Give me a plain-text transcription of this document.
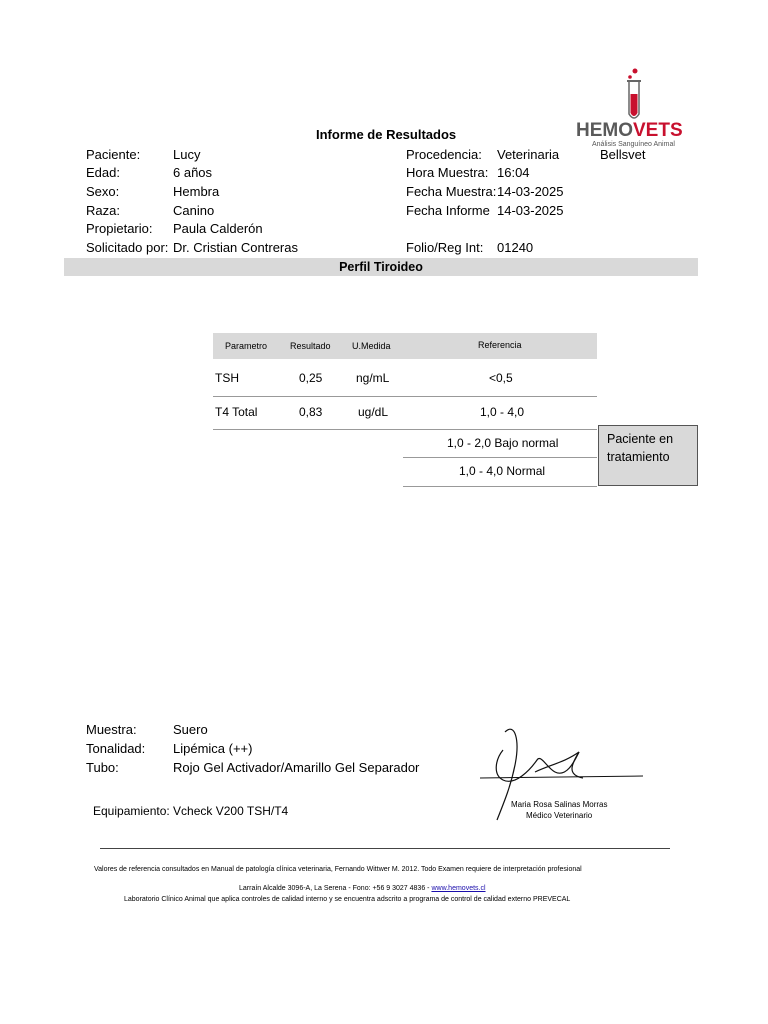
Informe de Resultados	HEMOVETS
Análisis Sanguíneo Animal
Bellsvet
Paciente:	Lucy
Edad:	6 años
Sexo:	Hembra
Raza:	Canino
Propietario: Paula Calderón
Solicitado por: Dr. Cristian Contreras
Procedencia: Veterinaria
Hora Muestra: 16:04
Fecha Muestra: 14-03-2025
Fecha Informe 14-03-2025
Folio/Reg Int: 01240
Perfil Tiroideo
Parametro	Resultado U.Medida	Referencia
TSH	0,25	ng/mL	<0,5
T4 Total	0,83	ug/dL	1,0 - 4,0
1,0 - 2,0 Bajo normal
1,0 - 4,0 Normal
Paciente en tratamiento
Muestra:	Suero
Tonalidad: Lipémica (++)
Tubo:	Rojo Gel Activador/Amarillo Gel Separador
Equipamiento: Vcheck V200 TSH/T4	Maria Rosa Salinas Morras
Médico Veterinario
Valores de referencia consultados en Manual de patología clínica veterinaria, Fernando Wittwer M. 2012. Todo Examen requiere de interpretación profesional
Larraín Alcalde 3096-A, La Serena - Fono: +56 9 3027 4836 - www.hemovets.cl
Laboratorio Clínico Animal que aplica controles de calidad interno y se encuentra adscrito a programa de control de calidad externo PREVECAL
